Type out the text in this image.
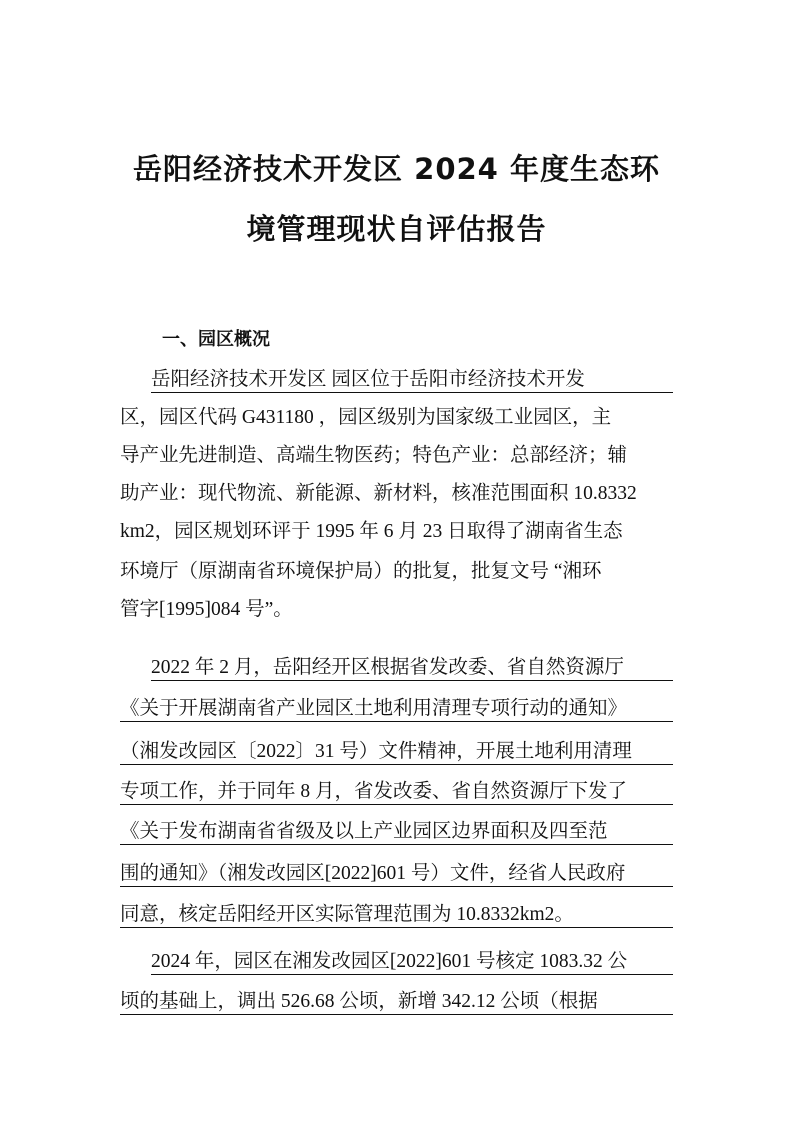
岳阳经济技术开发区 2024 年度生态环
境管理现状自评估报告
一、园区概况
岳阳经济技术开发区 园区位于岳阳市经济技术开发
区，园区代码 G431180 ，园区级别为国家级工业园区，主
导产业先进制造、高端生物医药；特色产业：总部经济；辅
助产业：现代物流、新能源、新材料，核准范围面积 10.8332
km2，园区规划环评于 1995 年 6 月 23 日取得了湖南省生态
环境厅（原湖南省环境保护局）的批复，批复文号 “湘环
管字[1995]084 号”。
2022 年 2 月，岳阳经开区根据省发改委、省自然资源厅
《关于开展湖南省产业园区土地利用清理专项行动的通知》
（湘发改园区〔2022〕31 号）文件精神，开展土地利用清理
专项工作，并于同年 8 月，省发改委、省自然资源厅下发了
《关于发布湖南省省级及以上产业园区边界面积及四至范
围的通知》（湘发改园区[2022]601 号）文件，经省人民政府
同意，核定岳阳经开区实际管理范围为 10.8332km2。
2024 年，园区在湘发改园区[2022]601 号核定 1083.32 公
顷的基础上，调出 526.68 公顷，新增 342.12 公顷（根据
